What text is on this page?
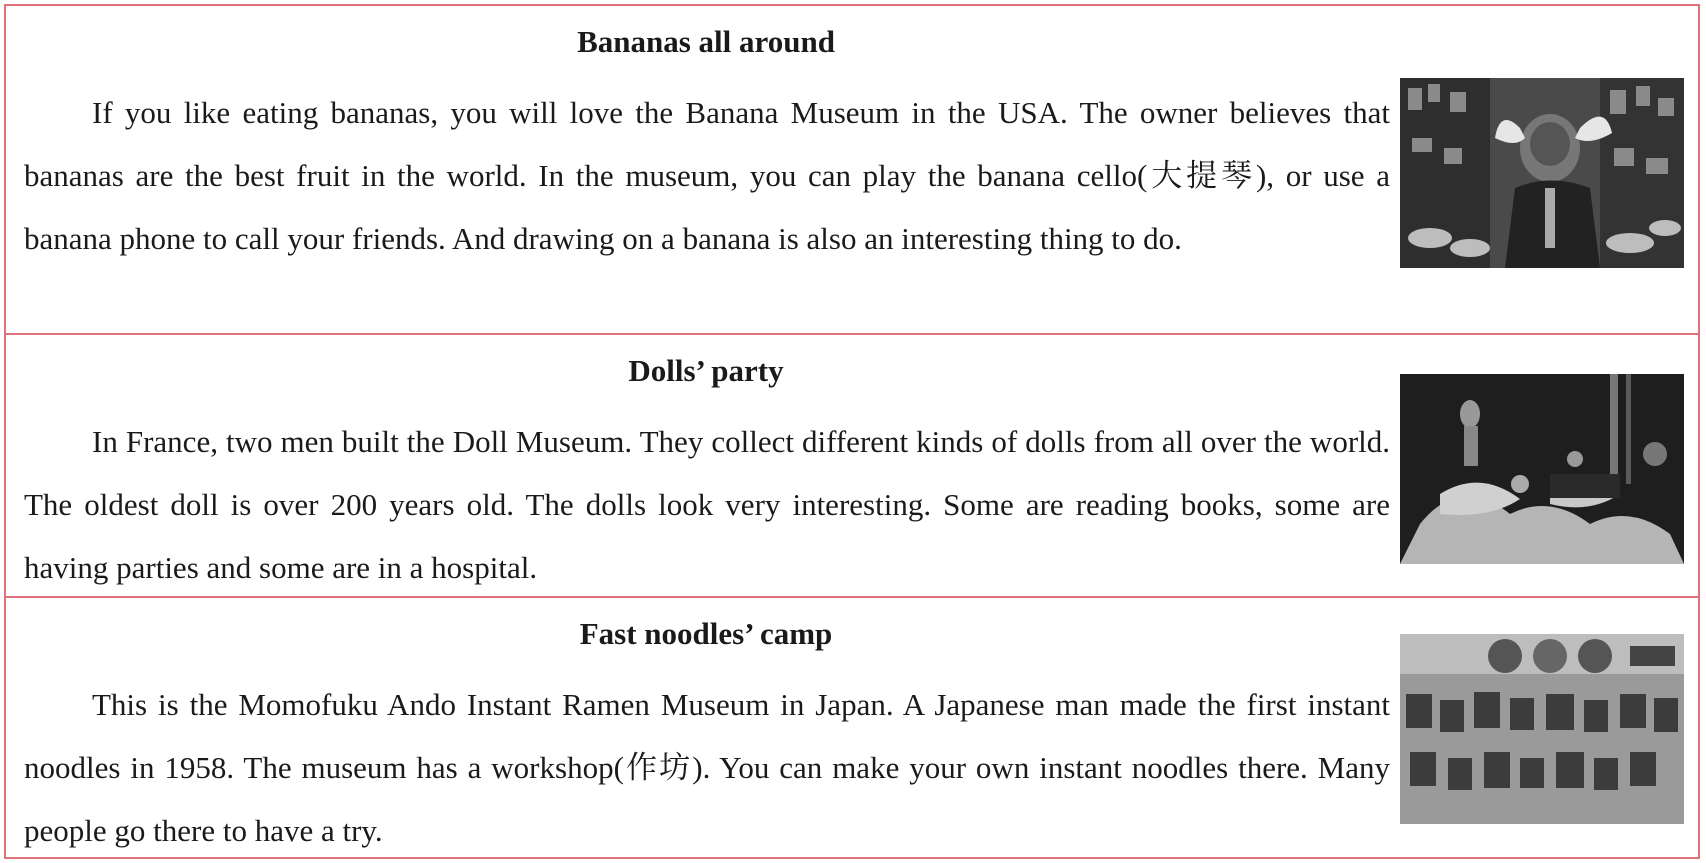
Bananas all around

If you like eating bananas, you will love the Banana Museum in the USA. The owner believes that bananas are the best fruit in the world. In the museum, you can play the banana cello(大提琴), or use a banana phone to call your friends. And drawing on a banana is also an interesting thing to do.

Dolls’ party

In France, two men built the Doll Museum. They collect different kinds of dolls from all over the world. The oldest doll is over 200 years old. The dolls look very interesting. Some are reading books, some are having parties and some are in a hospital.

Fast noodles’ camp

This is the Momofuku Ando Instant Ramen Museum in Japan. A Japanese man made the first instant noodles in 1958. The museum has a workshop(作坊). You can make your own instant noodles there. Many people go there to have a try.
